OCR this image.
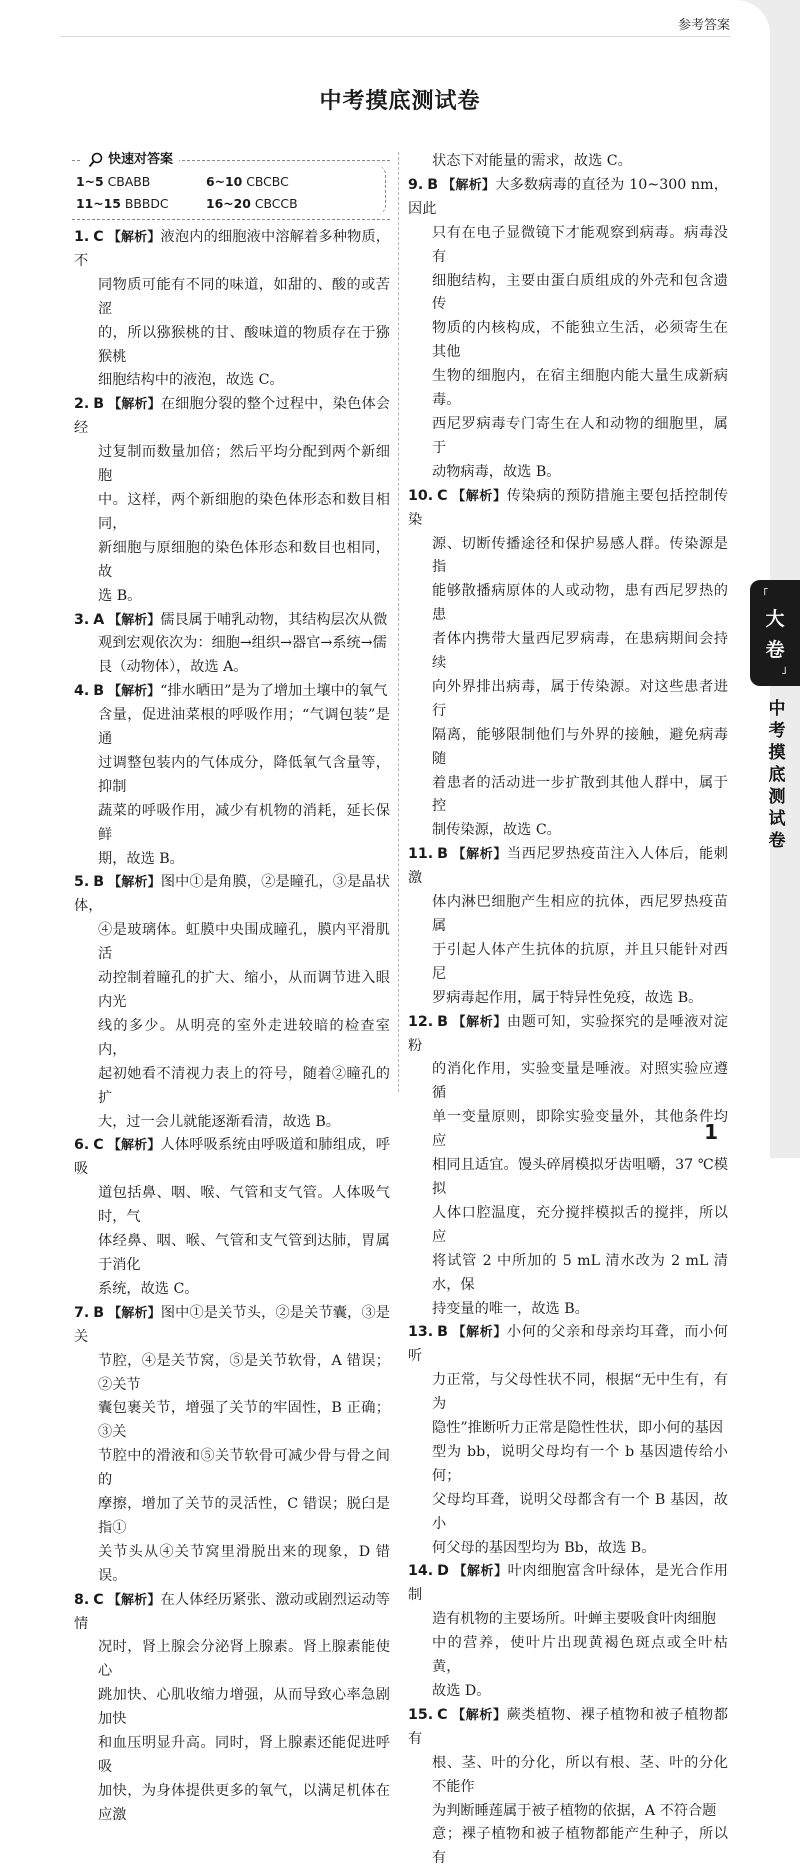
参考答案
中考摸底测试卷
快速对答案
1~5 CBABB	6~10 CBCBC
11~15 BBBDC	16~20 CBCCB
1. C 【解析】液泡内的细胞液中溶解着多种物质，不
同物质可能有不同的味道，如甜的、酸的或苦涩
的，所以猕猴桃的甘、酸味道的物质存在于猕猴桃
细胞结构中的液泡，故选 C。
2. B 【解析】在细胞分裂的整个过程中，染色体会经
过复制而数量加倍；然后平均分配到两个新细胞
中。这样，两个新细胞的染色体形态和数目相同，
新细胞与原细胞的染色体形态和数目也相同，故
选 B。
3. A 【解析】儒艮属于哺乳动物，其结构层次从微
观到宏观依次为：细胞→组织→器官→系统→儒
艮（动物体），故选 A。
4. B 【解析】“排水晒田”是为了增加土壤中的氧气
含量，促进油菜根的呼吸作用；“气调包装”是通
过调整包装内的气体成分，降低氧气含量等，抑制
蔬菜的呼吸作用，减少有机物的消耗，延长保鲜
期，故选 B。
5. B 【解析】图中①是角膜，②是瞳孔，③是晶状体，
④是玻璃体。虹膜中央围成瞳孔，膜内平滑肌活
动控制着瞳孔的扩大、缩小，从而调节进入眼内光
线的多少。从明亮的室外走进较暗的检查室内，
起初她看不清视力表上的符号，随着②瞳孔的扩
大，过一会儿就能逐渐看清，故选 B。
6. C 【解析】人体呼吸系统由呼吸道和肺组成，呼吸
道包括鼻、咽、喉、气管和支气管。人体吸气时，气
体经鼻、咽、喉、气管和支气管到达肺，胃属于消化
系统，故选 C。
7. B 【解析】图中①是关节头，②是关节囊，③是关
节腔，④是关节窝，⑤是关节软骨，A 错误；②关节
囊包裹关节，增强了关节的牢固性，B 正确；③关
节腔中的滑液和⑤关节软骨可减少骨与骨之间的
摩擦，增加了关节的灵活性，C 错误；脱臼是指①
关节头从④关节窝里滑脱出来的现象，D 错误。
8. C 【解析】在人体经历紧张、激动或剧烈运动等情
况时，肾上腺会分泌肾上腺素。肾上腺素能使心
跳加快、心肌收缩力增强，从而导致心率急剧加快
和血压明显升高。同时，肾上腺素还能促进呼吸
加快，为身体提供更多的氧气，以满足机体在应激
状态下对能量的需求，故选 C。
9. B 【解析】大多数病毒的直径为 10~300 nm，因此
只有在电子显微镜下才能观察到病毒。病毒没有
细胞结构，主要由蛋白质组成的外壳和包含遗传
物质的内核构成，不能独立生活，必须寄生在其他
生物的细胞内，在宿主细胞内能大量生成新病毒。
西尼罗病毒专门寄生在人和动物的细胞里，属于
动物病毒，故选 B。
10. C 【解析】传染病的预防措施主要包括控制传染
源、切断传播途径和保护易感人群。传染源是指
能够散播病原体的人或动物，患有西尼罗热的患
者体内携带大量西尼罗病毒，在患病期间会持续
向外界排出病毒，属于传染源。对这些患者进行
隔离，能够限制他们与外界的接触，避免病毒随
着患者的活动进一步扩散到其他人群中，属于控
制传染源，故选 C。
11. B 【解析】当西尼罗热疫苗注入人体后，能刺激
体内淋巴细胞产生相应的抗体，西尼罗热疫苗属
于引起人体产生抗体的抗原，并且只能针对西尼
罗病毒起作用，属于特异性免疫，故选 B。
12. B 【解析】由题可知，实验探究的是唾液对淀粉
的消化作用，实验变量是唾液。对照实验应遵循
单一变量原则，即除实验变量外，其他条件均应
相同且适宜。馒头碎屑模拟牙齿咀嚼，37 ℃模拟
人体口腔温度，充分搅拌模拟舌的搅拌，所以应
将试管 2 中所加的 5 mL 清水改为 2 mL 清水，保
持变量的唯一，故选 B。
13. B 【解析】小何的父亲和母亲均耳聋，而小何听
力正常，与父母性状不同，根据“无中生有，有为
隐性”推断听力正常是隐性性状，即小何的基因
型为 bb，说明父母均有一个 b 基因遗传给小何；
父母均耳聋，说明父母都含有一个 B 基因，故小
何父母的基因型均为 Bb，故选 B。
14. D 【解析】叶肉细胞富含叶绿体，是光合作用制
造有机物的主要场所。叶蝉主要吸食叶肉细胞
中的营养，使叶片出现黄褐色斑点或全叶枯黄，
故选 D。
15. C 【解析】蕨类植物、裸子植物和被子植物都有
根、茎、叶的分化，所以有根、茎、叶的分化不能作
为判断睡莲属于被子植物的依据，A 不符合题
意；裸子植物和被子植物都能产生种子，所以有
「
大
卷
」
中考摸底测试卷
1
